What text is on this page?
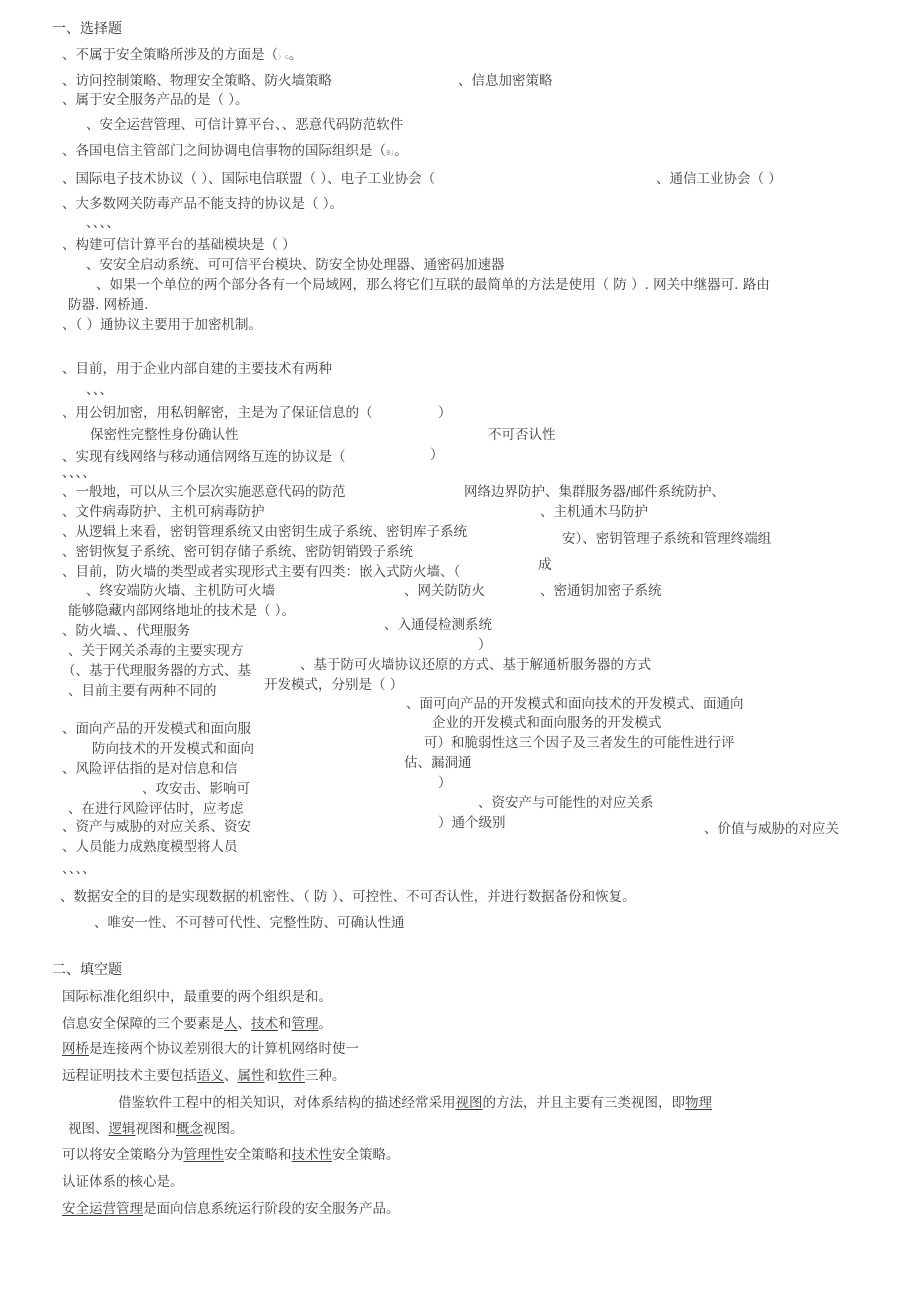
一、选择题
、不属于安全策略所涉及的方面是（）c。
、访问控制策略、物理安全策略、防火墙策略	、信息加密策略
、属于安全服务产品的是（ ）。
、安全运营管理、可信计算平台、、恶意代码防范软件
、各国电信主管部门之间协调电信事物的国际组织是（B）。
、国际电子技术协议（ ）、国际电信联盟（ ）、电子工业协会（	、通信工业协会（ ）
、大多数网关防毒产品不能支持的协议是（ ）。
、、、、
、构建可信计算平台的基础模块是（ ）
、安安全启动系统、可可信平台模块、防安全协处理器、通密码加速器
、如果一个单位的两个部分各有一个局域网，那么将它们互联的最简单的方法是使用（ 防 ）. 网关中继器可. 路由
防器. 网桥通.
、（ ）通协议主要用于加密机制。
、目前，用于企业内部自建的主要技术有两种
、、、
、用公钥加密，用私钥解密，主是为了保证信息的（	）
保密性完整性身份确认性	不可否认性
、实现有线网络与移动通信网络互连的协议是（	）
、、、、
、一般地，可以从三个层次实施恶意代码的防范	网络边界防护、集群服务器/邮件系统防护、
、文件病毒防护、主机可病毒防护	、主机通木马防护
、从逻辑上来看，密钥管理系统又由密钥生成子系统、密钥库子系统	安）、密钥管理子系统和管理终端组
、密钥恢复子系统、密可钥存储子系统、密防钥销毁子系统
成
、目前，防火墙的类型或者实现形式主要有四类：嵌入式防火墙、（
、终安端防火墙、主机防可火墙	、网关防防火	、密通钥加密子系统
能够隐藏内部网络地址的技术是（ ）。
、防火墙、、代理服务	、入通侵检测系统
、关于网关杀毒的主要实现方	）
（、基于代理服务器的方式、基	、基于防可火墙协议还原的方式、基于解通析服务器的方式
、目前主要有两种不同的	开发模式，分别是（ ）
、面可向产品的开发模式和面向技术的开发模式、面通向
企业的开发模式和面向服务的开发模式
、面向产品的开发模式和面向服
防向技术的开发模式和面向	可）和脆弱性这三个因子及三者发生的可能性进行评
、风险评估指的是对信息和信	估、漏洞通
、攻安击、影响可	）
、在进行风险评估时，应考虑	、资安产与可能性的对应关系
、资产与威胁的对应关系、资安	）通个级别	、价值与威胁的对应关
、人员能力成熟度模型将人员
、、、、
、数据安全的目的是实现数据的机密性、（ 防 ）、可控性、不可否认性，并进行数据备份和恢复。
、唯安一性、不可替可代性、完整性防、可确认性通
二、填空题
国际标准化组织中，最重要的两个组织是和。
信息安全保障的三个要素是人、技术和管理。
网桥是连接两个协议差别很大的计算机网络时使一
远程证明技术主要包括语义、属性和软件三种。
借鉴软件工程中的相关知识，对体系结构的描述经常采用视图的方法，并且主要有三类视图，即物理
视图、逻辑视图和概念视图。
可以将安全策略分为管理性安全策略和技术性安全策略。
认证体系的核心是。
安全运营管理是面向信息系统运行阶段的安全服务产品。
